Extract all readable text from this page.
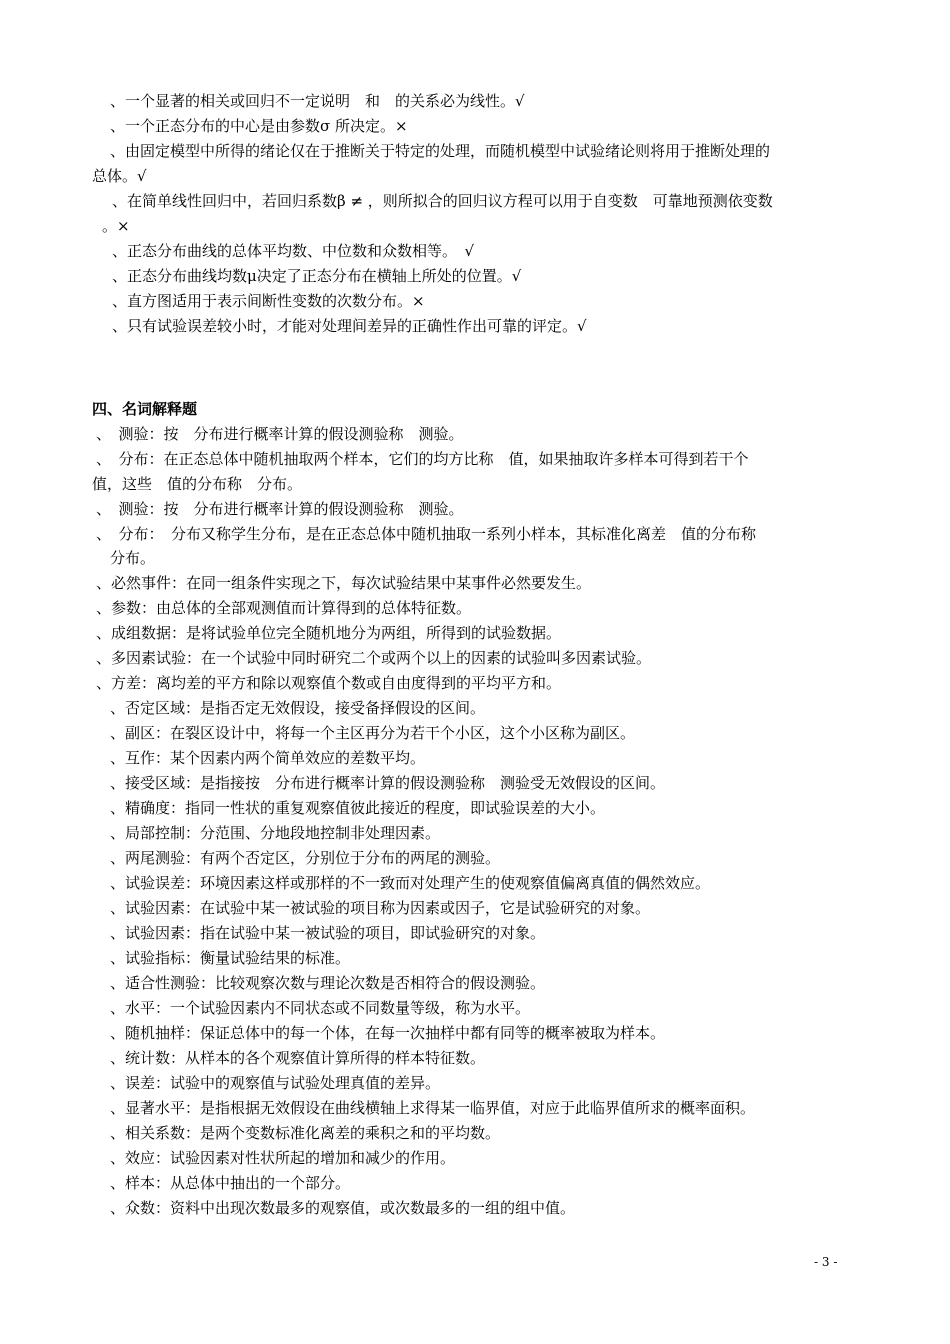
、一个显著的相关或回归不一定说明　和　的关系必为线性。√
、一个正态分布的中心是由参数σ 所决定。×
、由固定模型中所得的绪论仅在于推断关于特定的处理，而随机模型中试验绪论则将用于推断处理的
总体。√
、在简单线性回归中，若回归系数β ≠ ，则所拟合的回归议方程可以用于自变数　可靠地预测依变数
。×
、正态分布曲线的总体平均数、中位数和众数相等。　√
、正态分布曲线均数μ决定了正态分布在横轴上所处的位置。√
、直方图适用于表示间断性变数的次数分布。×
、只有试验误差较小时，才能对处理间差异的正确性作出可靠的评定。√
四、名词解释题
、　测验：按　分布进行概率计算的假设测验称　测验。
、　分布：在正态总体中随机抽取两个样本，它们的均方比称　值，如果抽取许多样本可得到若干个
值，这些　值的分布称　分布。
、　测验：按　分布进行概率计算的假设测验称　测验。
、　分布：　分布又称学生分布，是在正态总体中随机抽取一系列小样本，其标准化离差　值的分布称
分布。
、必然事件：在同一组条件实现之下，每次试验结果中某事件必然要发生。
、参数：由总体的全部观测值而计算得到的总体特征数。
、成组数据：是将试验单位完全随机地分为两组，所得到的试验数据。
、多因素试验：在一个试验中同时研究二个或两个以上的因素的试验叫多因素试验。
、方差：离均差的平方和除以观察值个数或自由度得到的平均平方和。
、否定区域：是指否定无效假设，接受备择假设的区间。
、副区：在裂区设计中，将每一个主区再分为若干个小区，这个小区称为副区。
、互作：某个因素内两个简单效应的差数平均。
、接受区域：是指接按　分布进行概率计算的假设测验称　测验受无效假设的区间。
、精确度：指同一性状的重复观察值彼此接近的程度，即试验误差的大小。
、局部控制：分范围、分地段地控制非处理因素。
、两尾测验：有两个否定区，分别位于分布的两尾的测验。
、试验误差：环境因素这样或那样的不一致而对处理产生的使观察值偏离真值的偶然效应。
、试验因素：在试验中某一被试验的项目称为因素或因子，它是试验研究的对象。
、试验因素：指在试验中某一被试验的项目，即试验研究的对象。
、试验指标：衡量试验结果的标准。
、适合性测验：比较观察次数与理论次数是否相符合的假设测验。
、水平：一个试验因素内不同状态或不同数量等级，称为水平。
、随机抽样：保证总体中的每一个体，在每一次抽样中都有同等的概率被取为样本。
、统计数：从样本的各个观察值计算所得的样本特征数。
、误差：试验中的观察值与试验处理真值的差异。
、显著水平：是指根据无效假设在曲线横轴上求得某一临界值，对应于此临界值所求的概率面积。
、相关系数：是两个变数标准化离差的乘积之和的平均数。
、效应：试验因素对性状所起的增加和减少的作用。
、样本：从总体中抽出的一个部分。
、众数：资料中出现次数最多的观察值，或次数最多的一组的组中值。
- 3 -
